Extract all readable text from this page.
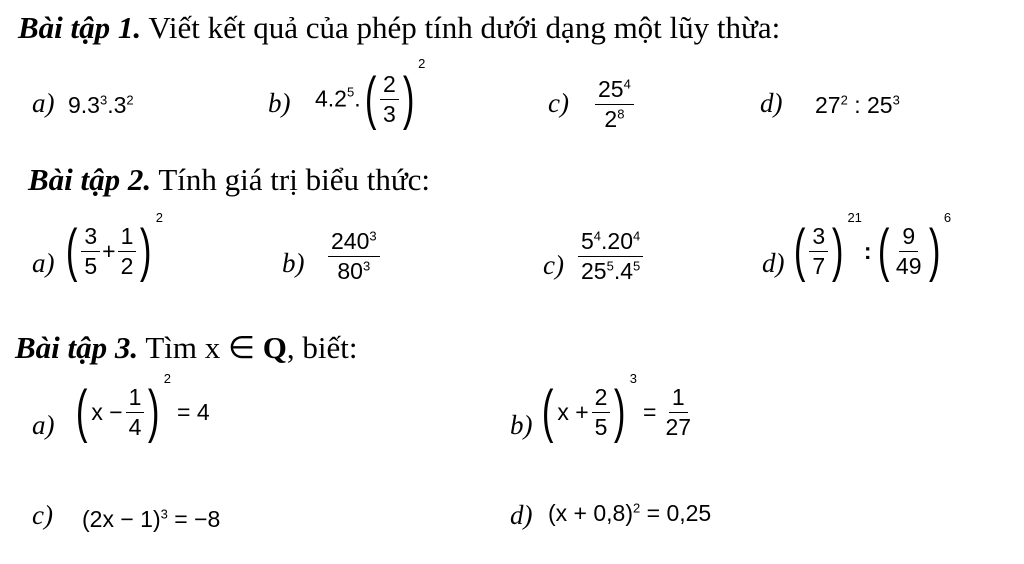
Bài tập 1. Viết kết quả của phép tính dưới dạng một lũy thừa:
a) $9.3^3.3^2$	b) $4.2^5.( \frac{2}{3} )^2$
$c) \frac{25^4}{2^8}$	d) $27^2$ : $25^3$
Bài tập 2. Tính giá trị biểu thức:
a) ( $\frac{3}{5} + \frac{1}{2} )^2$
$b) \frac{240^3}{80^3}$	$c) \frac{5^4.20^4}{25^5.4^5}$	d) ( $\frac{3}{7} )^{21}$: ( $\frac{9}{49} )^6$
Bài tập 3. Tìm x ∈ Q, biết:
a) ( $x - \frac{1}{4} )^2= 4$	b) ( $x + \frac{2}{5} )^3= \frac{1}{27}$
c) $(2x - 1)^3 = -8$	d) $(x + 0,8)^2 = 0,25$
